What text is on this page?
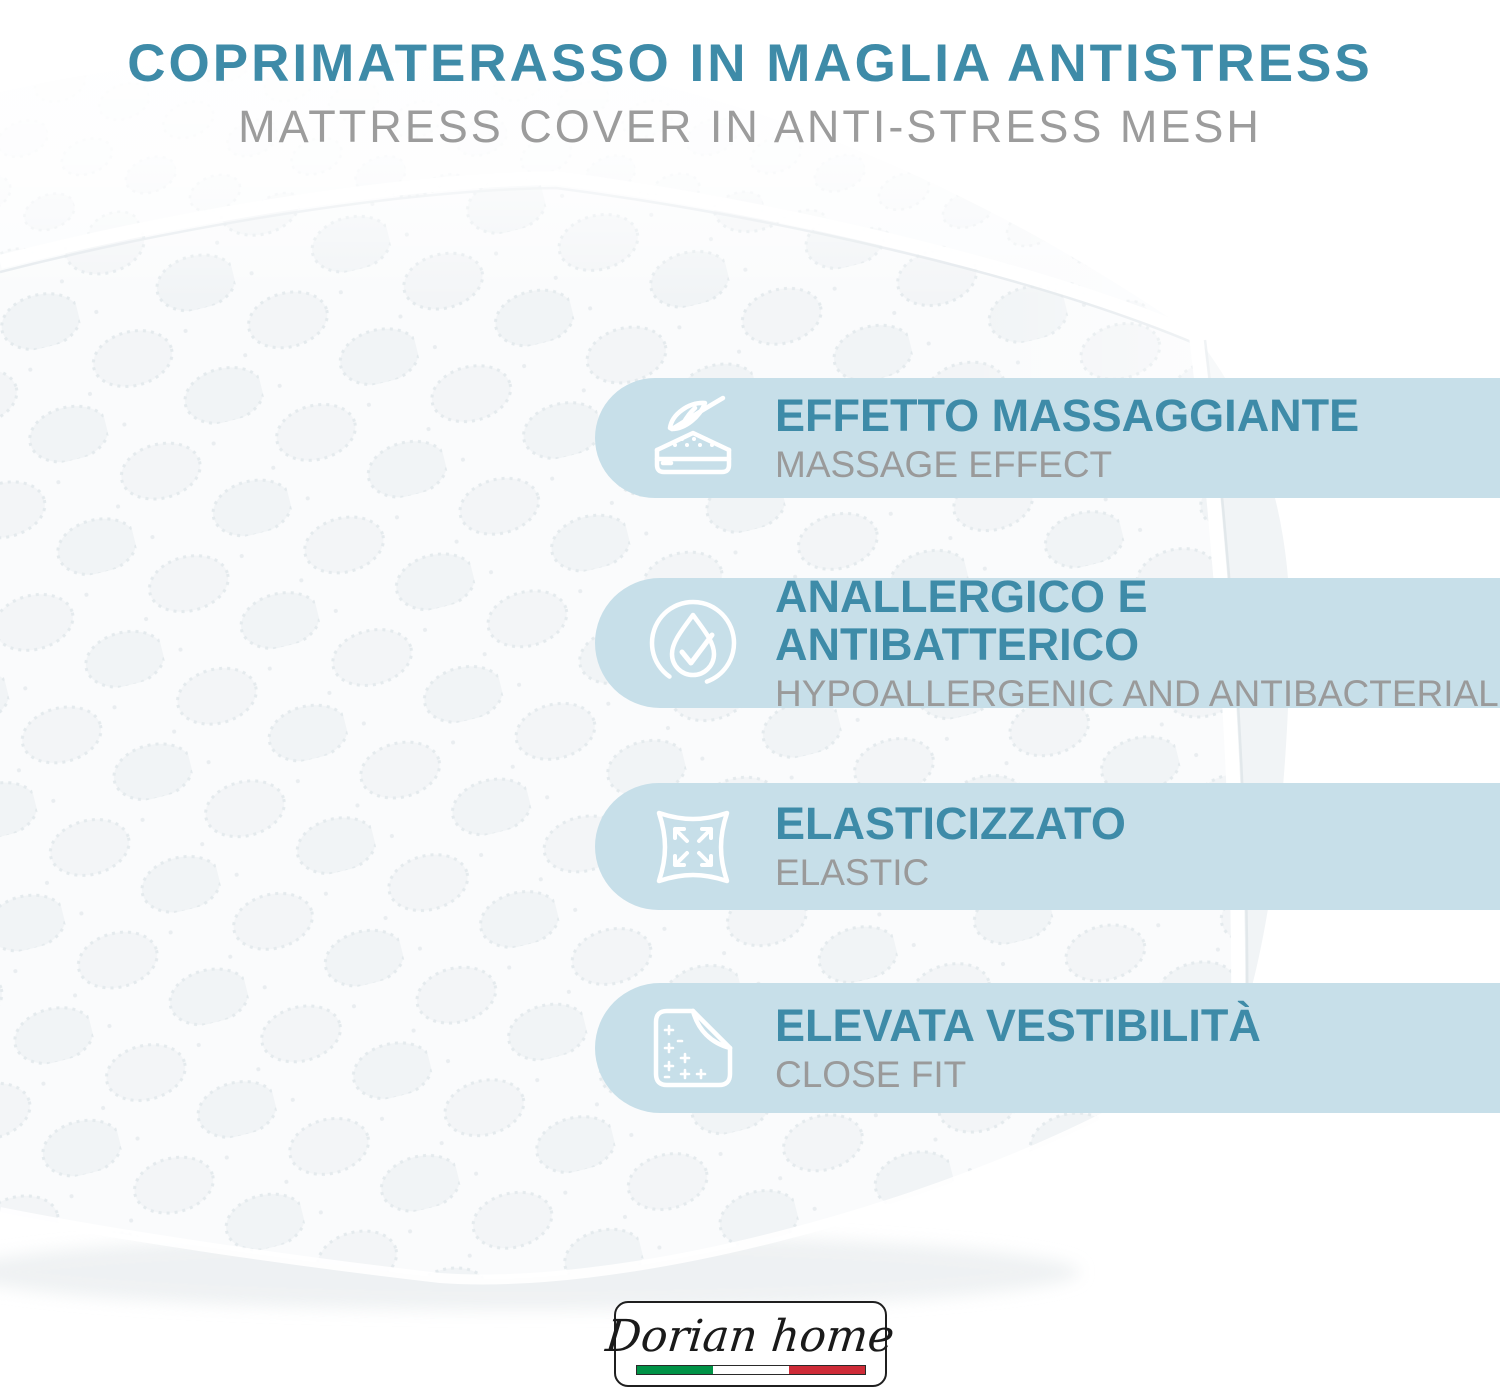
COPRIMATERASSO IN MAGLIA ANTISTRESS
MATTRESS COVER IN ANTI-STRESS MESH
EFFETTO MASSAGGIANTE
MASSAGE EFFECT
ANALLERGICO E ANTIBATTERICO
HYPOALLERGENIC AND ANTIBACTERIAL
ELASTICIZZATO
ELASTIC
ELEVATA VESTIBILITÀ
CLOSE FIT
Dorian home
